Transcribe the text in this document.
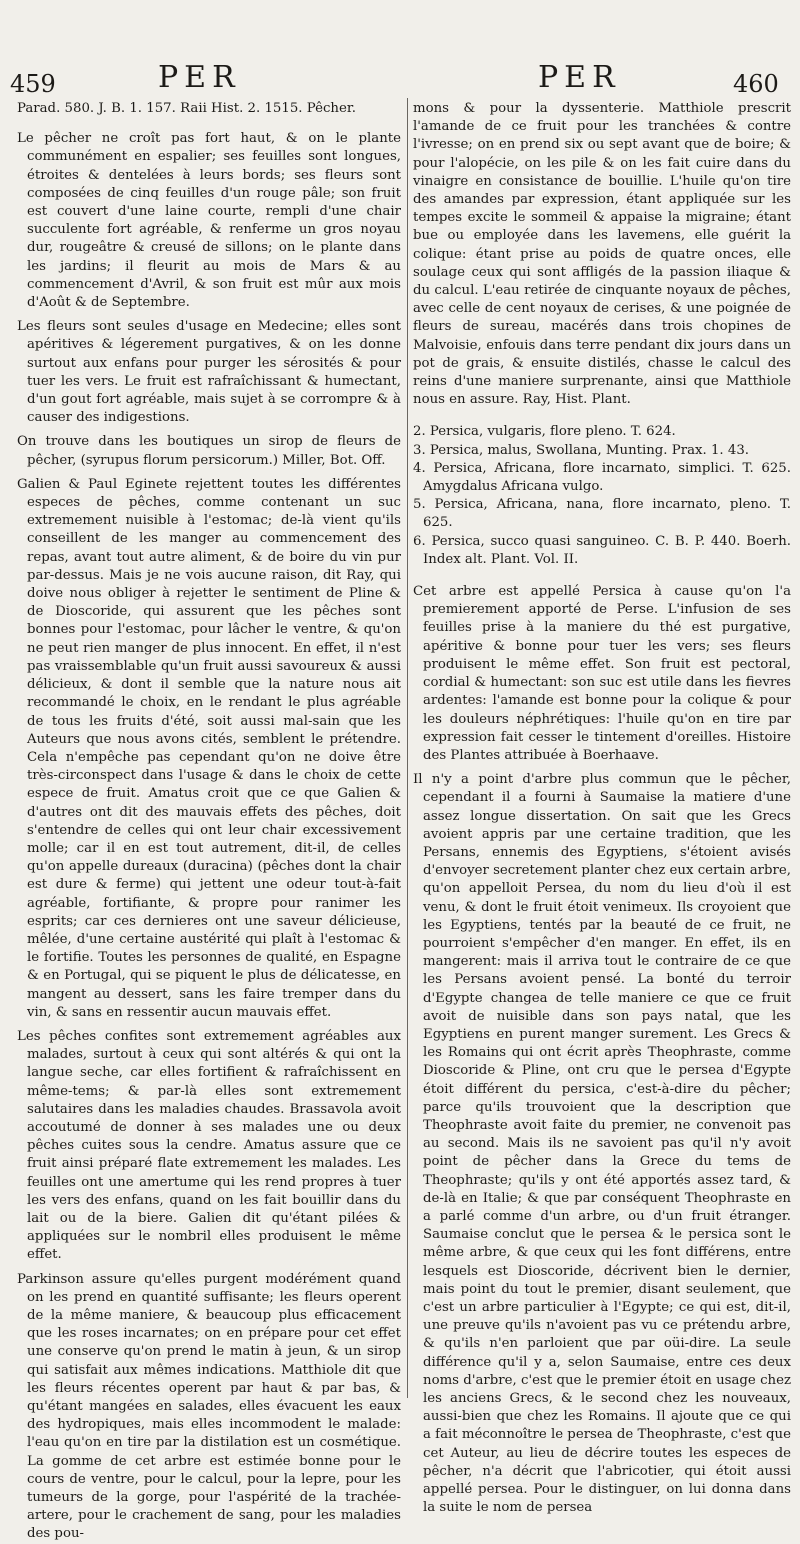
459	PER	PER	460

Parad. 580. J. B. 1. 157. Raii Hist. 2. 1515. Pêcher.

Le pêcher ne croît pas fort haut, & on le plante communément en espalier; ses feuilles sont longues, étroites & dentelées à leurs bords; ses fleurs sont composées de cinq feuilles d'un rouge pâle; son fruit est couvert d'une laine courte, rempli d'une chair succulente fort agréable, & renferme un gros noyau dur, rougeâtre & creusé de sillons; on le plante dans les jardins; il fleurit au mois de Mars & au commencement d'Avril, & son fruit est mûr aux mois d'Août & de Septembre.

Les fleurs sont seules d'usage en Medecine; elles sont apéritives & légerement purgatives, & on les donne surtout aux enfans pour purger les sérosités & pour tuer les vers. Le fruit est rafraîchissant & humectant, d'un gout fort agréable, mais sujet à se corrompre & à causer des indigestions.

On trouve dans les boutiques un sirop de fleurs de pêcher, (syrupus florum persicorum.) Miller, Bot. Off.

Galien & Paul Eginete rejettent toutes les différentes especes de pêches, comme contenant un suc extremement nuisible à l'estomac; de-là vient qu'ils conseillent de les manger au commencement des repas, avant tout autre aliment, & de boire du vin pur par-dessus. Mais je ne vois aucune raison, dit Ray, qui doive nous obliger à rejetter le sentiment de Pline & de Dioscoride, qui assurent que les pêches sont bonnes pour l'estomac, pour lâcher le ventre, & qu'on ne peut rien manger de plus innocent. En effet, il n'est pas vraissemblable qu'un fruit aussi savoureux & aussi délicieux, & dont il semble que la nature nous ait recommandé le choix, en le rendant le plus agréable de tous les fruits d'été, soit aussi mal-sain que les Auteurs que nous avons cités, semblent le prétendre. Cela n'empêche pas cependant qu'on ne doive être très-circonspect dans l'usage & dans le choix de cette espece de fruit. Amatus croit que ce que Galien & d'autres ont dit des mauvais effets des pêches, doit s'entendre de celles qui ont leur chair excessivement molle; car il en est tout autrement, dit-il, de celles qu'on appelle dureaux (duracina) (pêches dont la chair est dure & ferme) qui jettent une odeur tout-à-fait agréable, fortifiante, & propre pour ranimer les esprits; car ces dernieres ont une saveur délicieuse, mêlée, d'une certaine austérité qui plaît à l'estomac & le fortifie. Toutes les personnes de qualité, en Espagne & en Portugal, qui se piquent le plus de délicatesse, en mangent au dessert, sans les faire tremper dans du vin, & sans en ressentir aucun mauvais effet.

Les pêches confites sont extremement agréables aux malades, surtout à ceux qui sont altérés & qui ont la langue seche, car elles fortifient & rafraîchissent en même-tems; & par-là elles sont extremement salutaires dans les maladies chaudes. Brassavola avoit accoutumé de donner à ses malades une ou deux pêches cuites sous la cendre. Amatus assure que ce fruit ainsi préparé flate extremement les malades. Les feuilles ont une amertume qui les rend propres à tuer les vers des enfans, quand on les fait bouillir dans du lait ou de la biere. Galien dit qu'étant pilées & appliquées sur le nombril elles produisent le même effet.

Parkinson assure qu'elles purgent modérément quand on les prend en quantité suffisante; les fleurs operent de la même maniere, & beaucoup plus efficacement que les roses incarnates; on en prépare pour cet effet une conserve qu'on prend le matin à jeun, & un sirop qui satisfait aux mêmes indications. Matthiole dit que les fleurs récentes operent par haut & par bas, & qu'étant mangées en salades, elles évacuent les eaux des hydropiques, mais elles incommodent le malade: l'eau qu'on en tire par la distilation est un cosmétique. La gomme de cet arbre est estimée bonne pour le cours de ventre, pour le calcul, pour la lepre, pour les tumeurs de la gorge, pour l'aspérité de la trachée-artere, pour le crachement de sang, pour les maladies des pou-

mons & pour la dyssenterie. Matthiole prescrit l'amande de ce fruit pour les tranchées & contre l'ivresse; on en prend six ou sept avant que de boire; & pour l'alopécie, on les pile & on les fait cuire dans du vinaigre en consistance de bouillie. L'huile qu'on tire des amandes par expression, étant appliquée sur les tempes excite le sommeil & appaise la migraine; étant bue ou employée dans les lavemens, elle guérit la colique: étant prise au poids de quatre onces, elle soulage ceux qui sont affligés de la passion iliaque & du calcul. L'eau retirée de cinquante noyaux de pêches, avec celle de cent noyaux de cerises, & une poignée de fleurs de sureau, macérés dans trois chopines de Malvoisie, enfouis dans terre pendant dix jours dans un pot de grais, & ensuite distilés, chasse le calcul des reins d'une maniere surprenante, ainsi que Matthiole nous en assure. Ray, Hist. Plant.

2. Persica, vulgaris, flore pleno. T. 624.

3. Persica, malus, Swollana, Munting. Prax. 1. 43.

4. Persica, Africana, flore incarnato, simplici. T. 625. Amygdalus Africana vulgo.

5. Persica, Africana, nana, flore incarnato, pleno. T. 625.

6. Persica, succo quasi sanguineo. C. B. P. 440. Boerh. Index alt. Plant. Vol. II.

Cet arbre est appellé Persica à cause qu'on l'a premierement apporté de Perse. L'infusion de ses feuilles prise à la maniere du thé est purgative, apéritive & bonne pour tuer les vers; ses fleurs produisent le même effet. Son fruit est pectoral, cordial & humectant: son suc est utile dans les fievres ardentes: l'amande est bonne pour la colique & pour les douleurs néphrétiques: l'huile qu'on en tire par expression fait cesser le tintement d'oreilles. Histoire des Plantes attribuée à Boerhaave.

Il n'y a point d'arbre plus commun que le pêcher, cependant il a fourni à Saumaise la matiere d'une assez longue dissertation. On sait que les Grecs avoient appris par une certaine tradition, que les Persans, ennemis des Egyptiens, s'étoient avisés d'envoyer secretement planter chez eux certain arbre, qu'on appelloit Persea, du nom du lieu d'où il est venu, & dont le fruit étoit venimeux. Ils croyoient que les Egyptiens, tentés par la beauté de ce fruit, ne pourroient s'empêcher d'en manger. En effet, ils en mangerent: mais il arriva tout le contraire de ce que les Persans avoient pensé. La bonté du terroir d'Egypte changea de telle maniere ce que ce fruit avoit de nuisible dans son pays natal, que les Egyptiens en purent manger surement. Les Grecs & les Romains qui ont écrit après Theophraste, comme Dioscoride & Pline, ont cru que le persea d'Egypte étoit différent du persica, c'est-à-dire du pêcher; parce qu'ils trouvoient que la description que Theophraste avoit faite du premier, ne convenoit pas au second. Mais ils ne savoient pas qu'il n'y avoit point de pêcher dans la Grece du tems de Theophraste; qu'ils y ont été apportés assez tard, & de-là en Italie; & que par conséquent Theophraste en a parlé comme d'un arbre, ou d'un fruit étranger. Saumaise conclut que le persea & le persica sont le même arbre, & que ceux qui les font différens, entre lesquels est Dioscoride, décrivent bien le dernier, mais point du tout le premier, disant seulement, que c'est un arbre particulier à l'Egypte; ce qui est, dit-il, une preuve qu'ils n'avoient pas vu ce prétendu arbre, & qu'ils n'en parloient que par oüi-dire. La seule différence qu'il y a, selon Saumaise, entre ces deux noms d'arbre, c'est que le premier étoit en usage chez les anciens Grecs, & le second chez les nouveaux, aussi-bien que chez les Romains. Il ajoute que ce qui a fait méconnoître le persea de Theophraste, c'est que cet Auteur, au lieu de décrire toutes les especes de pêcher, n'a décrit que l'abricotier, qui étoit aussi appellé persea. Pour le distinguer, on lui donna dans la suite le nom de persea
